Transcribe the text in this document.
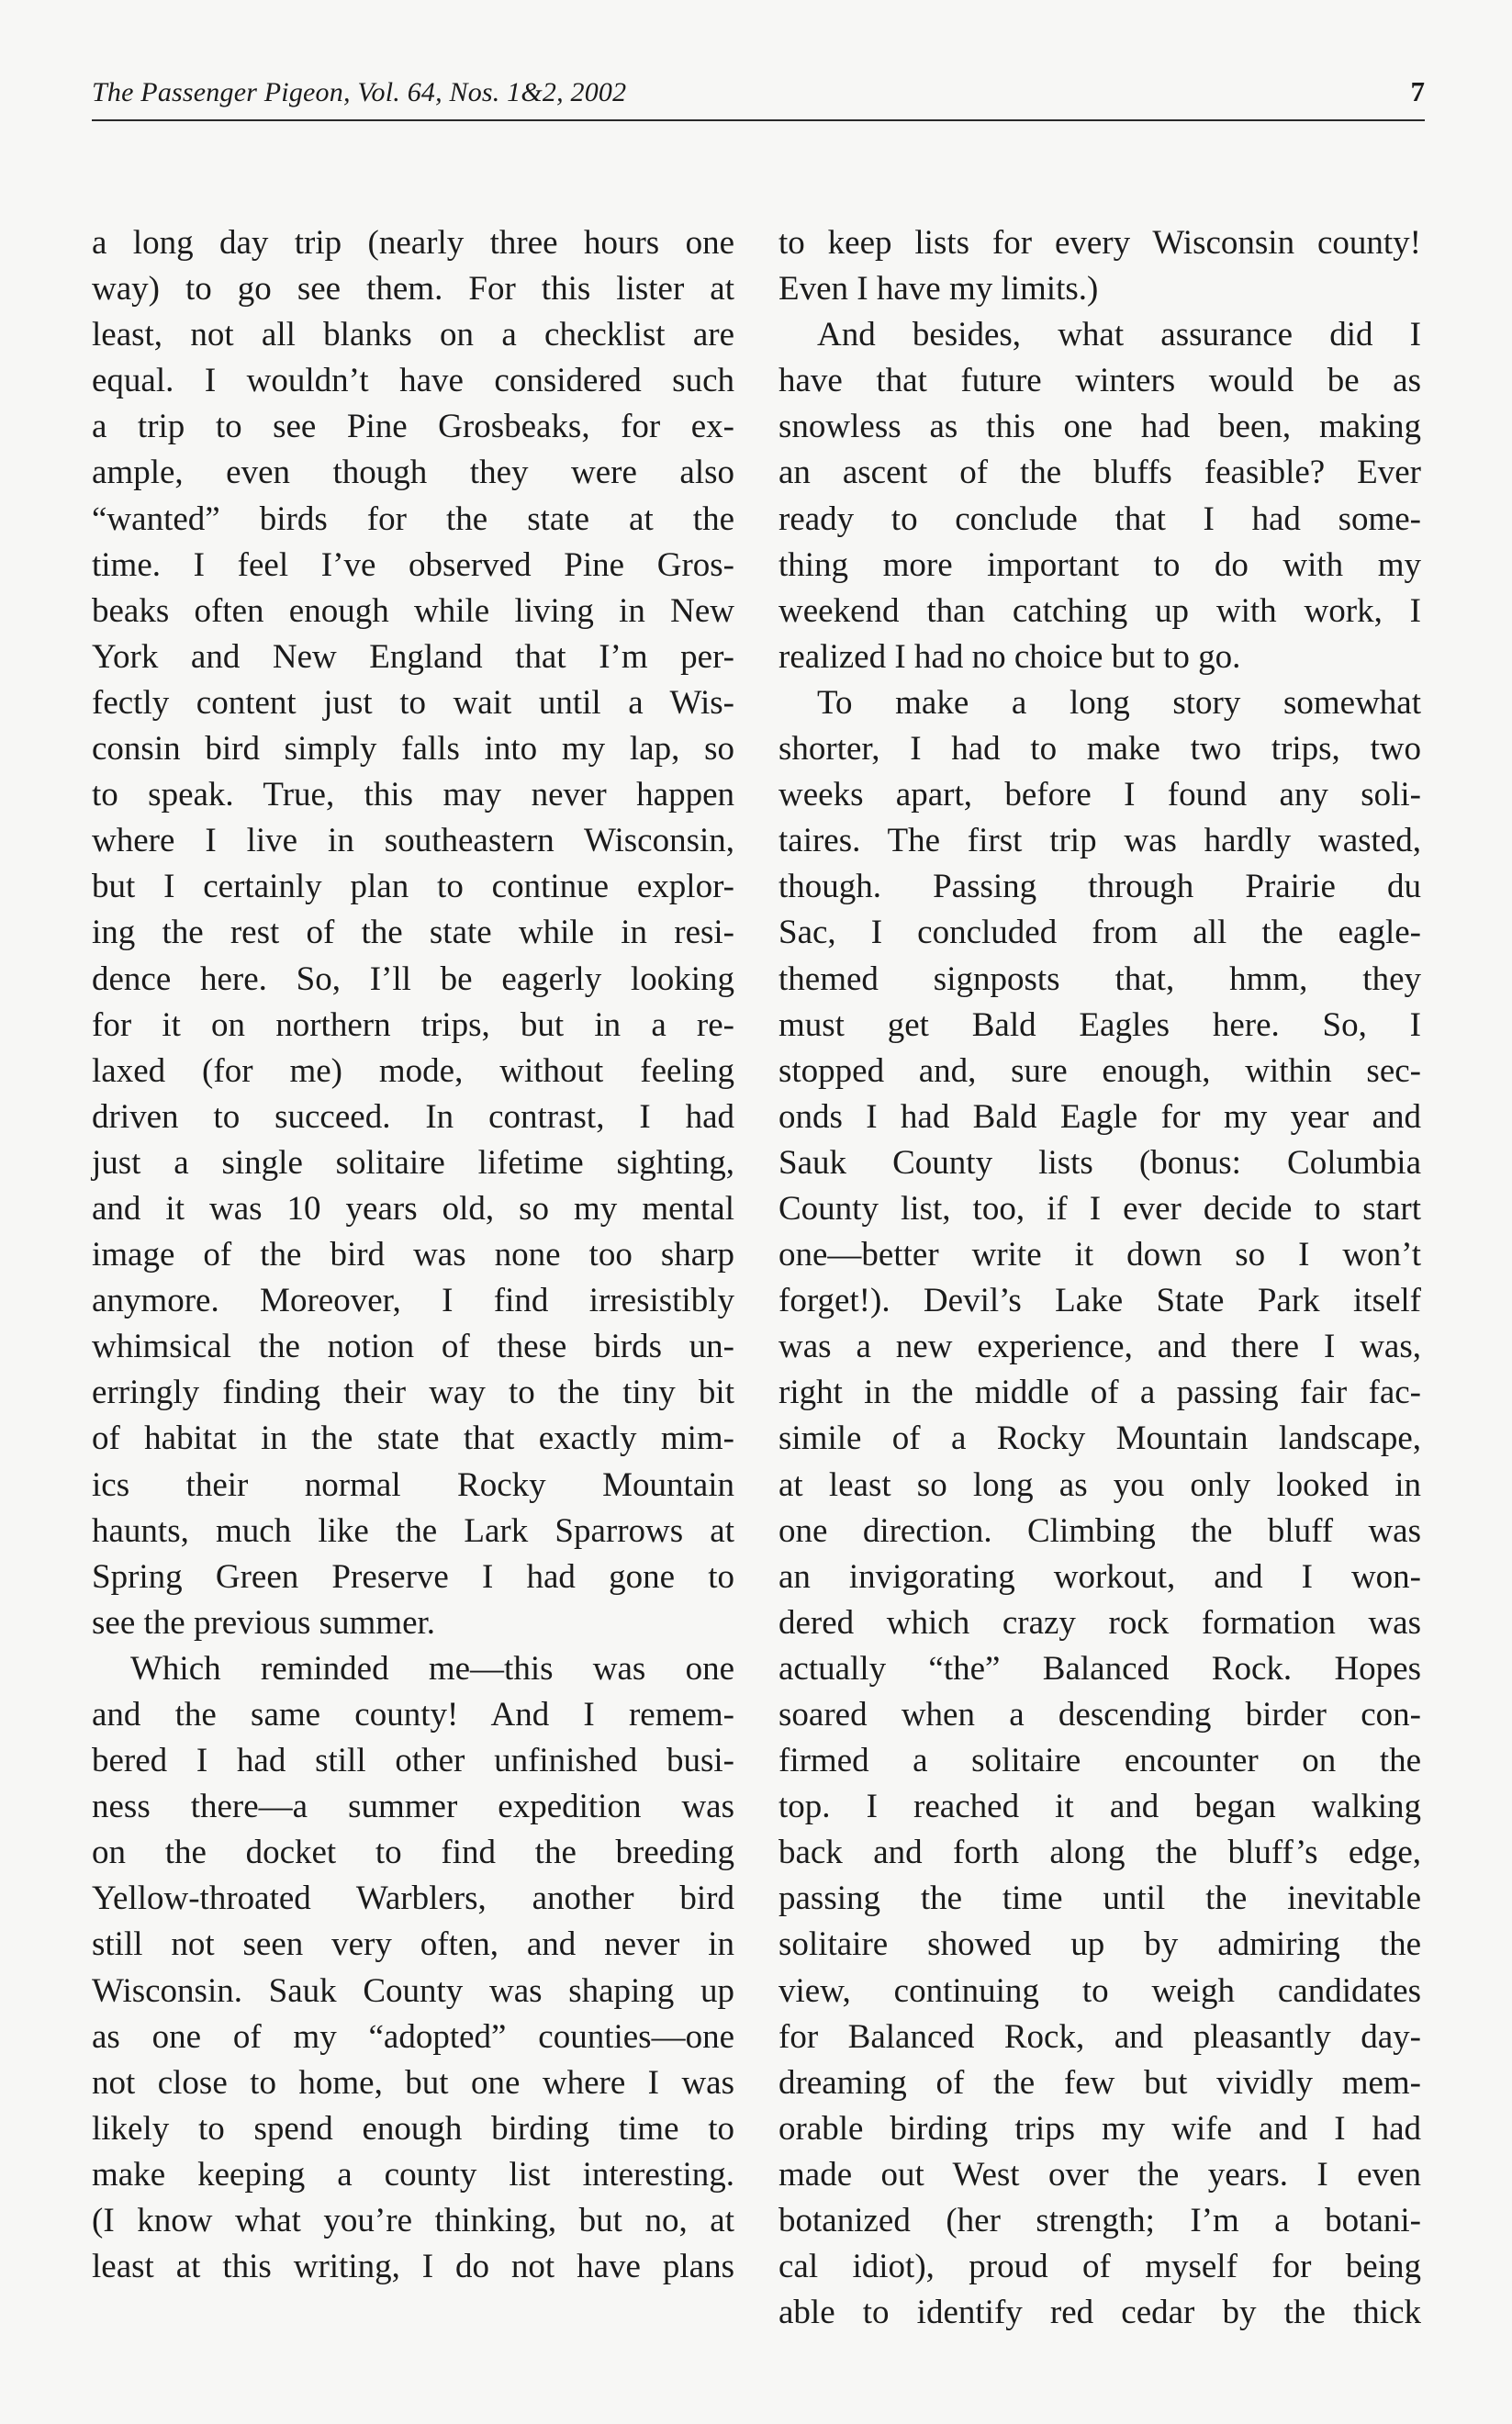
The Passenger Pigeon, Vol. 64, Nos. 1&2, 2002	7

a long day trip (nearly three hours one

way) to go see them. For this lister at

least, not all blanks on a checklist are

equal. I wouldn’t have considered such

a trip to see Pine Grosbeaks, for ex-

ample, even though they were also

“wanted” birds for the state at the

time. I feel I’ve observed Pine Gros-

beaks often enough while living in New

York and New England that I’m per-

fectly content just to wait until a Wis-

consin bird simply falls into my lap, so

to speak. True, this may never happen

where I live in southeastern Wisconsin,

but I certainly plan to continue explor-

ing the rest of the state while in resi-

dence here. So, I’ll be eagerly looking

for it on northern trips, but in a re-

laxed (for me) mode, without feeling

driven to succeed. In contrast, I had

just a single solitaire lifetime sighting,

and it was 10 years old, so my mental

image of the bird was none too sharp

anymore. Moreover, I find irresistibly

whimsical the notion of these birds un-

erringly finding their way to the tiny bit

of habitat in the state that exactly mim-

ics their normal Rocky Mountain

haunts, much like the Lark Sparrows at

Spring Green Preserve I had gone to

see the previous summer.

Which reminded me—this was one

and the same county! And I remem-

bered I had still other unfinished busi-

ness there—a summer expedition was

on the docket to find the breeding

Yellow-throated Warblers, another bird

still not seen very often, and never in

Wisconsin. Sauk County was shaping up

as one of my “adopted” counties—one

not close to home, but one where I was

likely to spend enough birding time to

make keeping a county list interesting.

(I know what you’re thinking, but no, at

least at this writing, I do not have plans

to keep lists for every Wisconsin county!

Even I have my limits.)

And besides, what assurance did I

have that future winters would be as

snowless as this one had been, making

an ascent of the bluffs feasible? Ever

ready to conclude that I had some-

thing more important to do with my

weekend than catching up with work, I

realized I had no choice but to go.

To make a long story somewhat

shorter, I had to make two trips, two

weeks apart, before I found any soli-

taires. The first trip was hardly wasted,

though. Passing through Prairie du

Sac, I concluded from all the eagle-

themed signposts that, hmm, they

must get Bald Eagles here. So, I

stopped and, sure enough, within sec-

onds I had Bald Eagle for my year and

Sauk County lists (bonus: Columbia

County list, too, if I ever decide to start

one—better write it down so I won’t

forget!). Devil’s Lake State Park itself

was a new experience, and there I was,

right in the middle of a passing fair fac-

simile of a Rocky Mountain landscape,

at least so long as you only looked in

one direction. Climbing the bluff was

an invigorating workout, and I won-

dered which crazy rock formation was

actually “the” Balanced Rock. Hopes

soared when a descending birder con-

firmed a solitaire encounter on the

top. I reached it and began walking

back and forth along the bluff’s edge,

passing the time until the inevitable

solitaire showed up by admiring the

view, continuing to weigh candidates

for Balanced Rock, and pleasantly day-

dreaming of the few but vividly mem-

orable birding trips my wife and I had

made out West over the years. I even

botanized (her strength; I’m a botani-

cal idiot), proud of myself for being

able to identify red cedar by the thick
